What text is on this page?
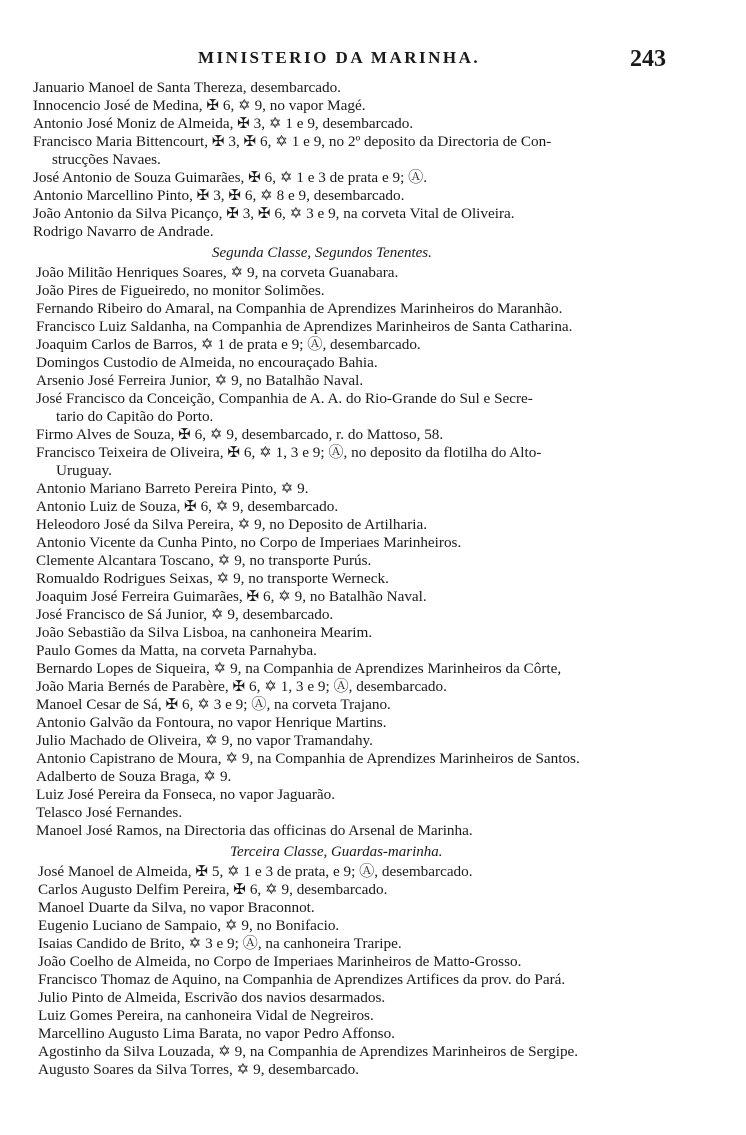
MINISTERIO DA MARINHA.	243
Januario Manoel de Santa Thereza, desembarcado.
Innocencio José de Medina, ✠ 6, ✡ 9, no vapor Magé.
Antonio José Moniz de Almeida, ✠ 3, ✡ 1 e 9, desembarcado.
Francisco Maria Bittencourt, ✠ 3, ✠ 6, ✡ 1 e 9, no 2º deposito da Directoria de Con-
strucções Navaes.
José Antonio de Souza Guimarães, ✠ 6, ✡ 1 e 3 de prata e 9; Ⓐ.
Antonio Marcellino Pinto, ✠ 3, ✠ 6, ✡ 8 e 9, desembarcado.
João Antonio da Silva Picanço, ✠ 3, ✠ 6, ✡ 3 e 9, na corveta Vital de Oliveira.
Rodrigo Navarro de Andrade.
Segunda Classe, Segundos Tenentes.
João Militão Henriques Soares, ✡ 9, na corveta Guanabara.
João Pires de Figueiredo, no monitor Solimões.
Fernando Ribeiro do Amaral, na Companhia de Aprendizes Marinheiros do Maranhão.
Francisco Luiz Saldanha, na Companhia de Aprendizes Marinheiros de Santa Catharina.
Joaquim Carlos de Barros, ✡ 1 de prata e 9; Ⓐ, desembarcado.
Domingos Custodio de Almeida, no encouraçado Bahia.
Arsenio José Ferreira Junior, ✡ 9, no Batalhão Naval.
José Francisco da Conceição, Companhia de A. A. do Rio-Grande do Sul e Secre-
tario do Capitão do Porto.
Firmo Alves de Souza, ✠ 6, ✡ 9, desembarcado, r. do Mattoso, 58.
Francisco Teixeira de Oliveira, ✠ 6, ✡ 1, 3 e 9; Ⓐ, no deposito da flotilha do Alto-
Uruguay.
Antonio Mariano Barreto Pereira Pinto, ✡ 9.
Antonio Luiz de Souza, ✠ 6, ✡ 9, desembarcado.
Heleodoro José da Silva Pereira, ✡ 9, no Deposito de Artilharia.
Antonio Vicente da Cunha Pinto, no Corpo de Imperiaes Marinheiros.
Clemente Alcantara Toscano, ✡ 9, no transporte Purús.
Romualdo Rodrigues Seixas, ✡ 9, no transporte Werneck.
Joaquim José Ferreira Guimarães, ✠ 6, ✡ 9, no Batalhão Naval.
José Francisco de Sá Junior, ✡ 9, desembarcado.
João Sebastião da Silva Lisboa, na canhoneira Mearim.
Paulo Gomes da Matta, na corveta Parnahyba.
Bernardo Lopes de Siqueira, ✡ 9, na Companhia de Aprendizes Marinheiros da Côrte,
João Maria Bernés de Parabère, ✠ 6, ✡ 1, 3 e 9; Ⓐ, desembarcado.
Manoel Cesar de Sá, ✠ 6, ✡ 3 e 9; Ⓐ, na corveta Trajano.
Antonio Galvão da Fontoura, no vapor Henrique Martins.
Julio Machado de Oliveira, ✡ 9, no vapor Tramandahy.
Antonio Capistrano de Moura, ✡ 9, na Companhia de Aprendizes Marinheiros de Santos.
Adalberto de Souza Braga, ✡ 9.
Luiz José Pereira da Fonseca, no vapor Jaguarão.
Telasco José Fernandes.
Manoel José Ramos, na Directoria das officinas do Arsenal de Marinha.
Terceira Classe, Guardas-marinha.
José Manoel de Almeida, ✠ 5, ✡ 1 e 3 de prata, e 9; Ⓐ, desembarcado.
Carlos Augusto Delfim Pereira, ✠ 6, ✡ 9, desembarcado.
Manoel Duarte da Silva, no vapor Braconnot.
Eugenio Luciano de Sampaio, ✡ 9, no Bonifacio.
Isaias Candido de Brito, ✡ 3 e 9; Ⓐ, na canhoneira Traripe.
João Coelho de Almeida, no Corpo de Imperiaes Marinheiros de Matto-Grosso.
Francisco Thomaz de Aquino, na Companhia de Aprendizes Artifices da prov. do Pará.
Julio Pinto de Almeida, Escrivão dos navios desarmados.
Luiz Gomes Pereira, na canhoneira Vidal de Negreiros.
Marcellino Augusto Lima Barata, no vapor Pedro Affonso.
Agostinho da Silva Louzada, ✡ 9, na Companhia de Aprendizes Marinheiros de Sergipe.
Augusto Soares da Silva Torres, ✡ 9, desembarcado.
